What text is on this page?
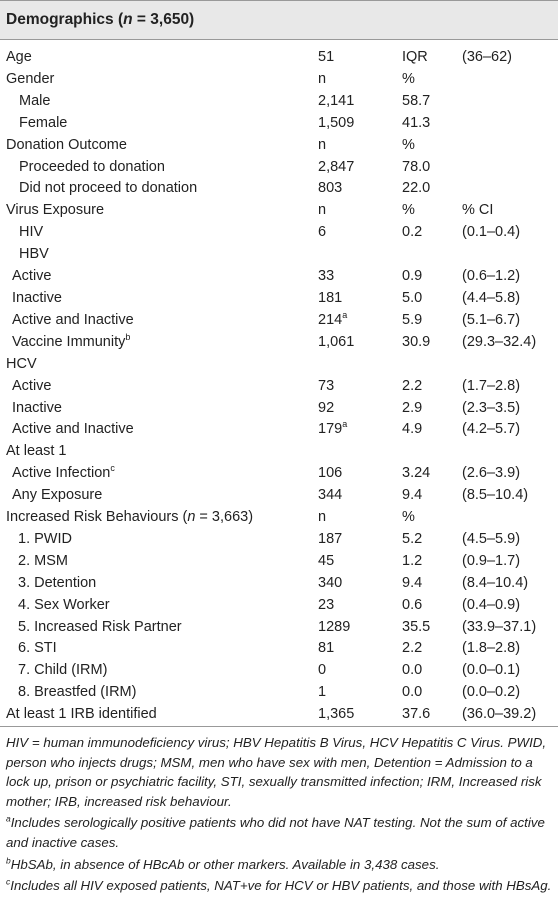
Demographics (n = 3,650)
Age	51	IQR	(36–62)
Gender	n	%	
Male	2,141	58.7	
Female	1,509	41.3	
Donation Outcome	n	%	
Proceeded to donation	2,847	78.0	
Did not proceed to donation	803	22.0	
Virus Exposure	n	%	% CI
HIV	6	0.2	(0.1–0.4)
HBV			
Active	33	0.9	(0.6–1.2)
Inactive	181	5.0	(4.4–5.8)
Active and Inactive	214$^a$	5.9	(5.1–6.7)
Vaccine Immunity$^b$	1,061	30.9	(29.3–32.4)
HCV			
Active	73	2.2	(1.7–2.8)
Inactive	92	2.9	(2.3–3.5)
Active and Inactive	179$^a$	4.9	(4.2–5.7)
At least 1			
Active Infection$^c$	106	3.24	(2.6–3.9)
Any Exposure	344	9.4	(8.5–10.4)
Increased Risk Behaviours (n = 3,663)	n	%	
1. PWID	187	5.2	(4.5–5.9)
2. MSM	45	1.2	(0.9–1.7)
3. Detention	340	9.4	(8.4–10.4)
4. Sex Worker	23	0.6	(0.4–0.9)
5. Increased Risk Partner	1289	35.5	(33.9–37.1)
6. STI	81	2.2	(1.8–2.8)
7. Child (IRM)	0	0.0	(0.0–0.1)
8. Breastfed (IRM)	1	0.0	(0.0–0.2)
At least 1 IRB identified	1,365	37.6	(36.0–39.2)

HIV = human immunodeficiency virus; HBV Hepatitis B Virus, HCV Hepatitis C Virus. PWID, person who injects drugs; MSM, men who have sex with men, Detention = Admission to a lock up, prison or psychiatric facility, STI, sexually transmitted infection; IRM, Increased risk mother; IRB, increased risk behaviour.

$^a$Includes serologically positive patients who did not have NAT testing. Not the sum of active and inactive cases.

$^b$HbSAb, in absence of HBcAb or other markers. Available in 3,438 cases.

$^c$Includes all HIV exposed patients, NAT+ve for HCV or HBV patients, and those with HBsAg.
